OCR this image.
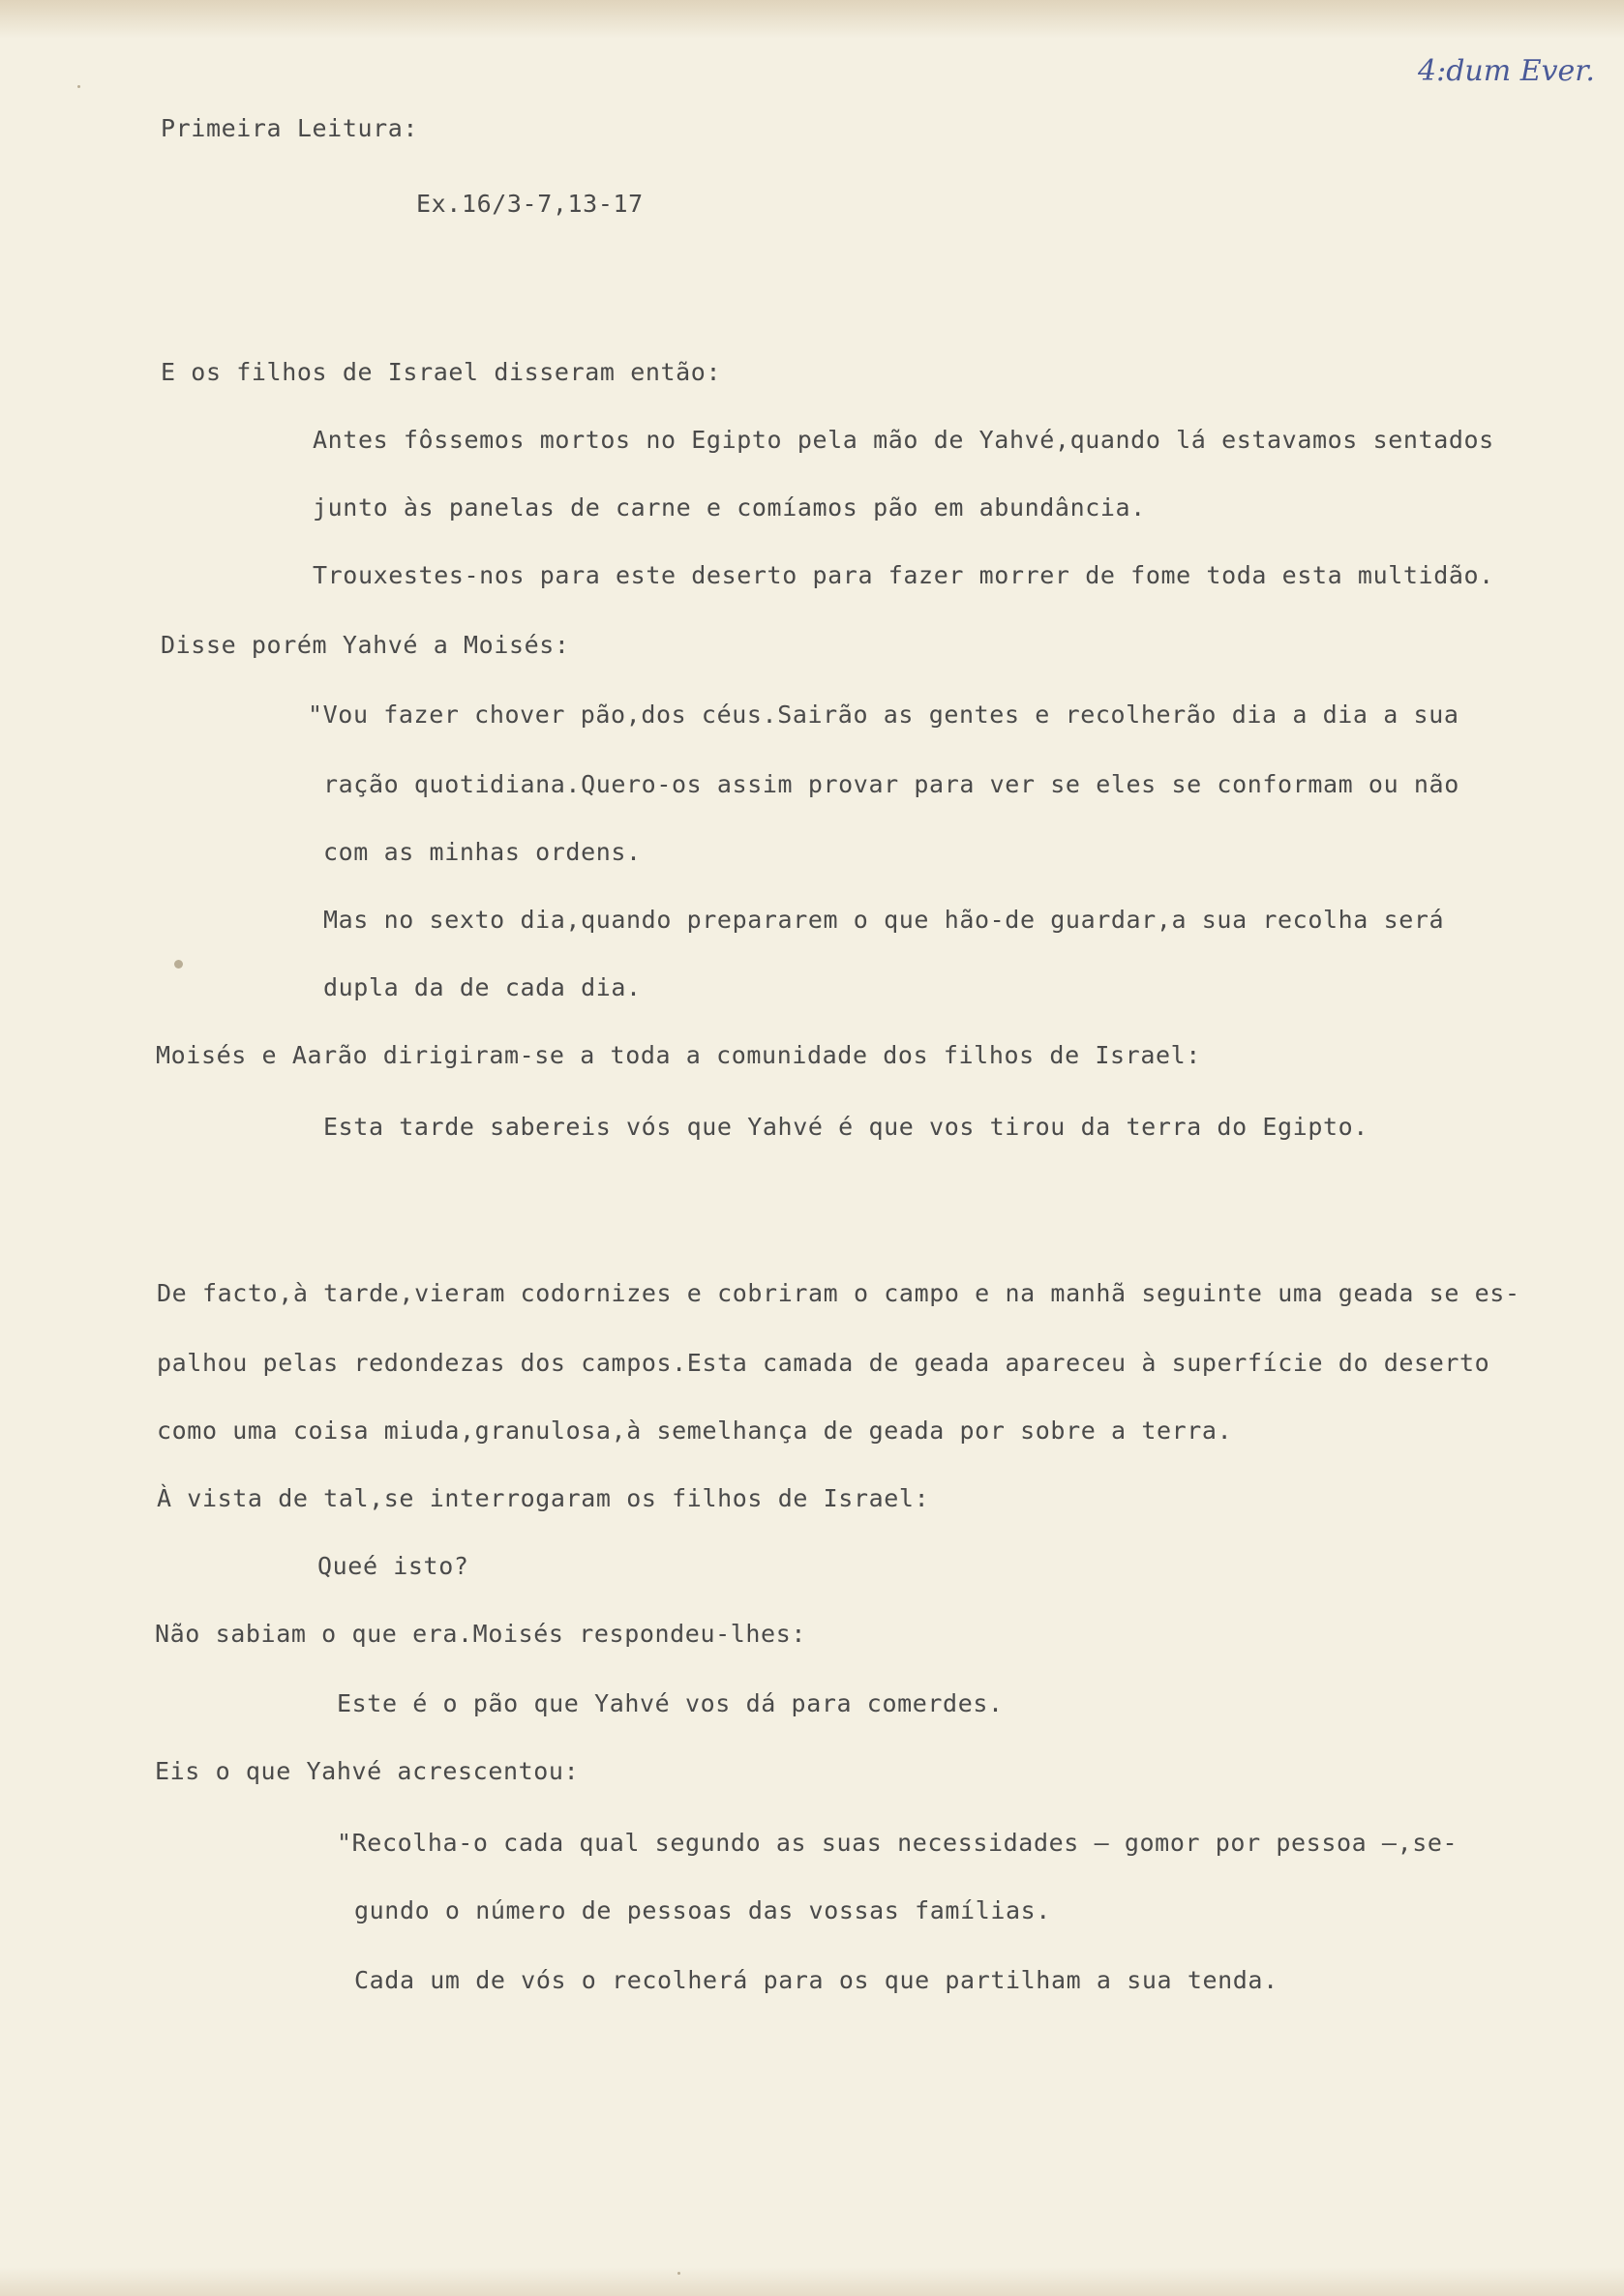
4:dum Ever.
Primeira Leitura:
Ex.16/3-7,13-17
E os filhos de Israel disseram então:
Antes fôssemos mortos no Egipto pela mão de Yahvé,quando lá estavamos sentados
junto às panelas de carne e comíamos pão em abundância.
Trouxestes-nos para este deserto para fazer morrer de fome toda esta multidão.
Disse porém Yahvé a Moisés:
"Vou fazer chover pão,dos céus.Sairão as gentes e recolherão dia a dia a sua
ração quotidiana.Quero-os assim provar para ver se eles se conformam ou não
com as minhas ordens.
Mas no sexto dia,quando prepararem o que hão-de guardar,a sua recolha será
dupla da de cada dia.
Moisés e Aarão dirigiram-se a toda a comunidade dos filhos de Israel:
Esta tarde sabereis vós que Yahvé é que vos tirou da terra do Egipto.
De facto,à tarde,vieram codornizes e cobriram o campo e na manhã seguinte uma geada se es-
palhou pelas redondezas dos campos.Esta camada de geada apareceu à superfície do deserto
como uma coisa miuda,granulosa,à semelhança de geada por sobre a terra.
À vista de tal,se interrogaram os filhos de Israel:
Queé isto?
Não sabiam o que era.Moisés respondeu-lhes:
Este é o pão que Yahvé vos dá para comerdes.
Eis o que Yahvé acrescentou:
"Recolha-o cada qual segundo as suas necessidades — gomor por pessoa —,se-
gundo o número de pessoas das vossas famílias.
Cada um de vós o recolherá para os que partilham a sua tenda.
